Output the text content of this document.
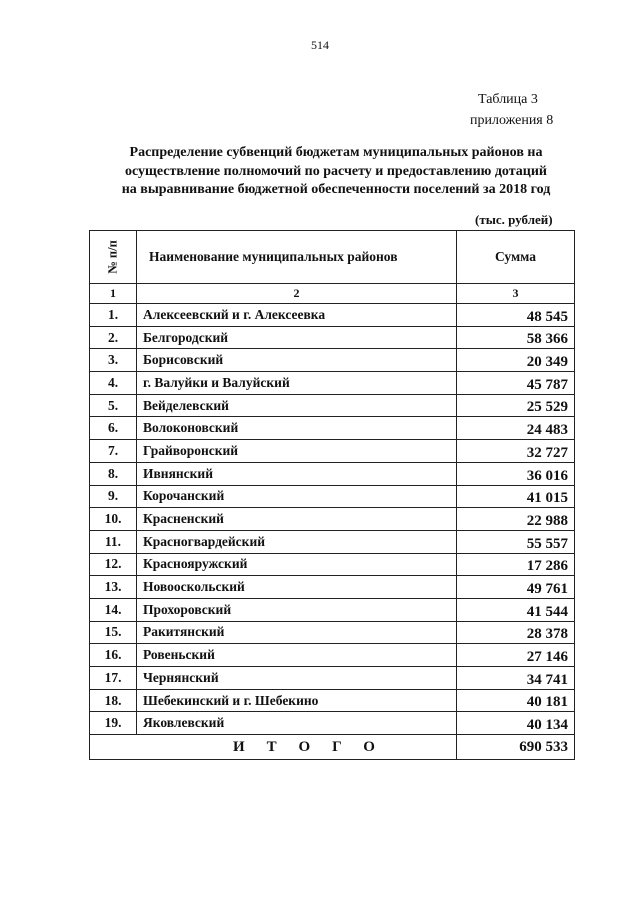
514
Таблица 3
приложения 8
Распределение субвенций бюджетам муниципальных районов на
осуществление полномочий по расчету и предоставлению дотаций
на выравнивание бюджетной обеспеченности поселений за 2018 год
(тыс. рублей)
№ п/п	Наименование муниципальных районов	Сумма
1	2	3
1.	Алексеевский и г. Алексеевка	48 545
2.	Белгородский	58 366
3.	Борисовский	20 349
4.	г. Валуйки и Валуйский	45 787
5.	Вейделевский	25 529
6.	Волоконовский	24 483
7.	Грайворонский	32 727
8.	Ивнянский	36 016
9.	Корочанский	41 015
10.	Красненский	22 988
11.	Красногвардейский	55 557
12.	Краснояружский	17 286
13.	Новооскольский	49 761
14.	Прохоровский	41 544
15.	Ракитянский	28 378
16.	Ровеньский	27 146
17.	Чернянский	34 741
18.	Шебекинский и г. Шебекино	40 181
19.	Яковлевский	40 134
ИТОГО		690 533
